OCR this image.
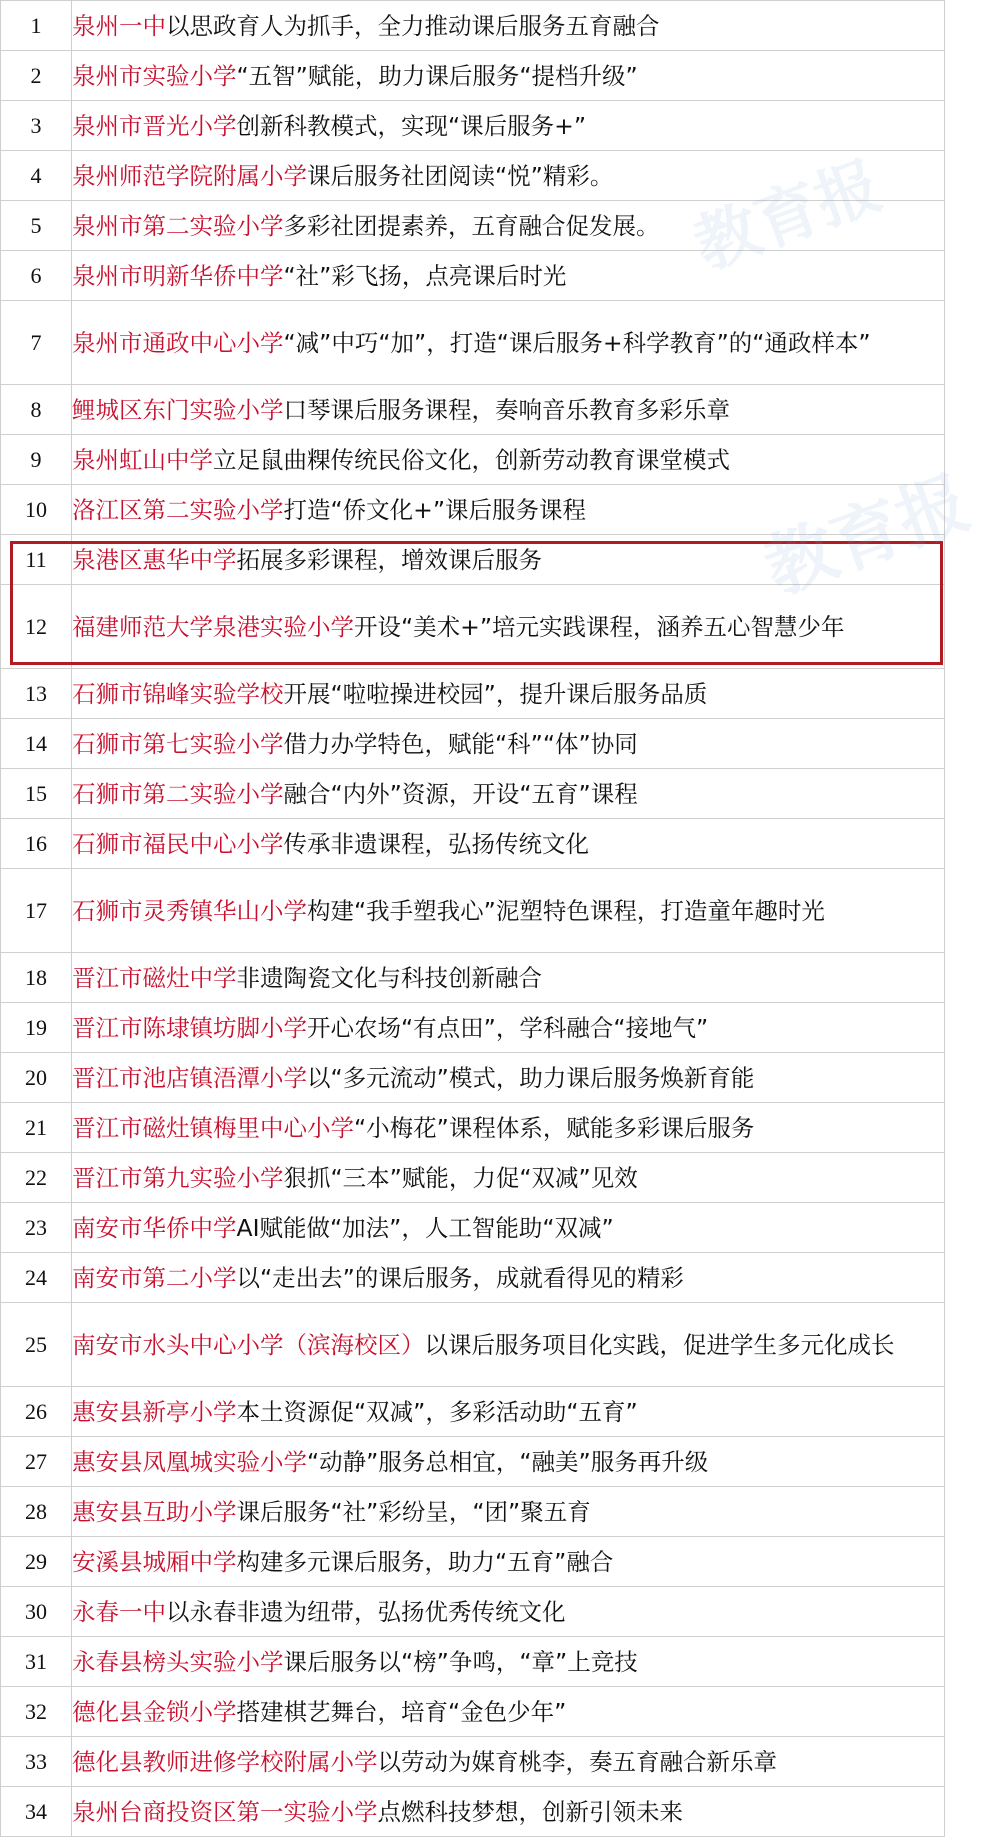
1	泉州一中以思政育人为抓手，全力推动课后服务五育融合
2	泉州市实验小学“五智”赋能，助力课后服务“提档升级”
3	泉州市晋光小学创新科教模式，实现“课后服务+”
4	泉州师范学院附属小学课后服务社团阅读“悦”精彩。
5	泉州市第二实验小学多彩社团提素养，五育融合促发展。
6	泉州市明新华侨中学“社”彩飞扬，点亮课后时光
7	泉州市通政中心小学“减”中巧“加”，打造“课后服务+科学教育”的“通政样本”
8	鲤城区东门实验小学口琴课后服务课程，奏响音乐教育多彩乐章
9	泉州虹山中学立足鼠曲粿传统民俗文化，创新劳动教育课堂模式
10	洛江区第二实验小学打造“侨文化+”课后服务课程
11	泉港区惠华中学拓展多彩课程，增效课后服务
12	福建师范大学泉港实验小学开设“美术+”培元实践课程，涵养五心智慧少年
13	石狮市锦峰实验学校开展“啦啦操进校园”，提升课后服务品质
14	石狮市第七实验小学借力办学特色，赋能“科”“体”协同
15	石狮市第二实验小学融合“内外”资源，开设“五育”课程
16	石狮市福民中心小学传承非遗课程，弘扬传统文化
17	石狮市灵秀镇华山小学构建“我手塑我心”泥塑特色课程，打造童年趣时光
18	晋江市磁灶中学非遗陶瓷文化与科技创新融合
19	晋江市陈埭镇坊脚小学开心农场“有点田”，学科融合“接地气”
20	晋江市池店镇浯潭小学以“多元流动”模式，助力课后服务焕新育能
21	晋江市磁灶镇梅里中心小学“小梅花”课程体系，赋能多彩课后服务
22	晋江市第九实验小学狠抓“三本”赋能，力促“双减”见效
23	南安市华侨中学AI赋能做“加法”，人工智能助“双减”
24	南安市第二小学以“走出去”的课后服务，成就看得见的精彩
25	南安市水头中心小学（滨海校区）以课后服务项目化实践，促进学生多元化成长
26	惠安县新亭小学本土资源促“双减”，多彩活动助“五育”
27	惠安县凤凰城实验小学“动静”服务总相宜，“融美”服务再升级
28	惠安县互助小学课后服务“社”彩纷呈，“团”聚五育
29	安溪县城厢中学构建多元课后服务，助力“五育”融合
30	永春一中以永春非遗为纽带，弘扬优秀传统文化
31	永春县榜头实验小学课后服务以“榜”争鸣，“章”上竞技
32	德化县金锁小学搭建棋艺舞台，培育“金色少年”
33	德化县教师进修学校附属小学以劳动为媒育桃李，奏五育融合新乐章
34	泉州台商投资区第一实验小学点燃科技梦想，创新引领未来
教育报
教育报
